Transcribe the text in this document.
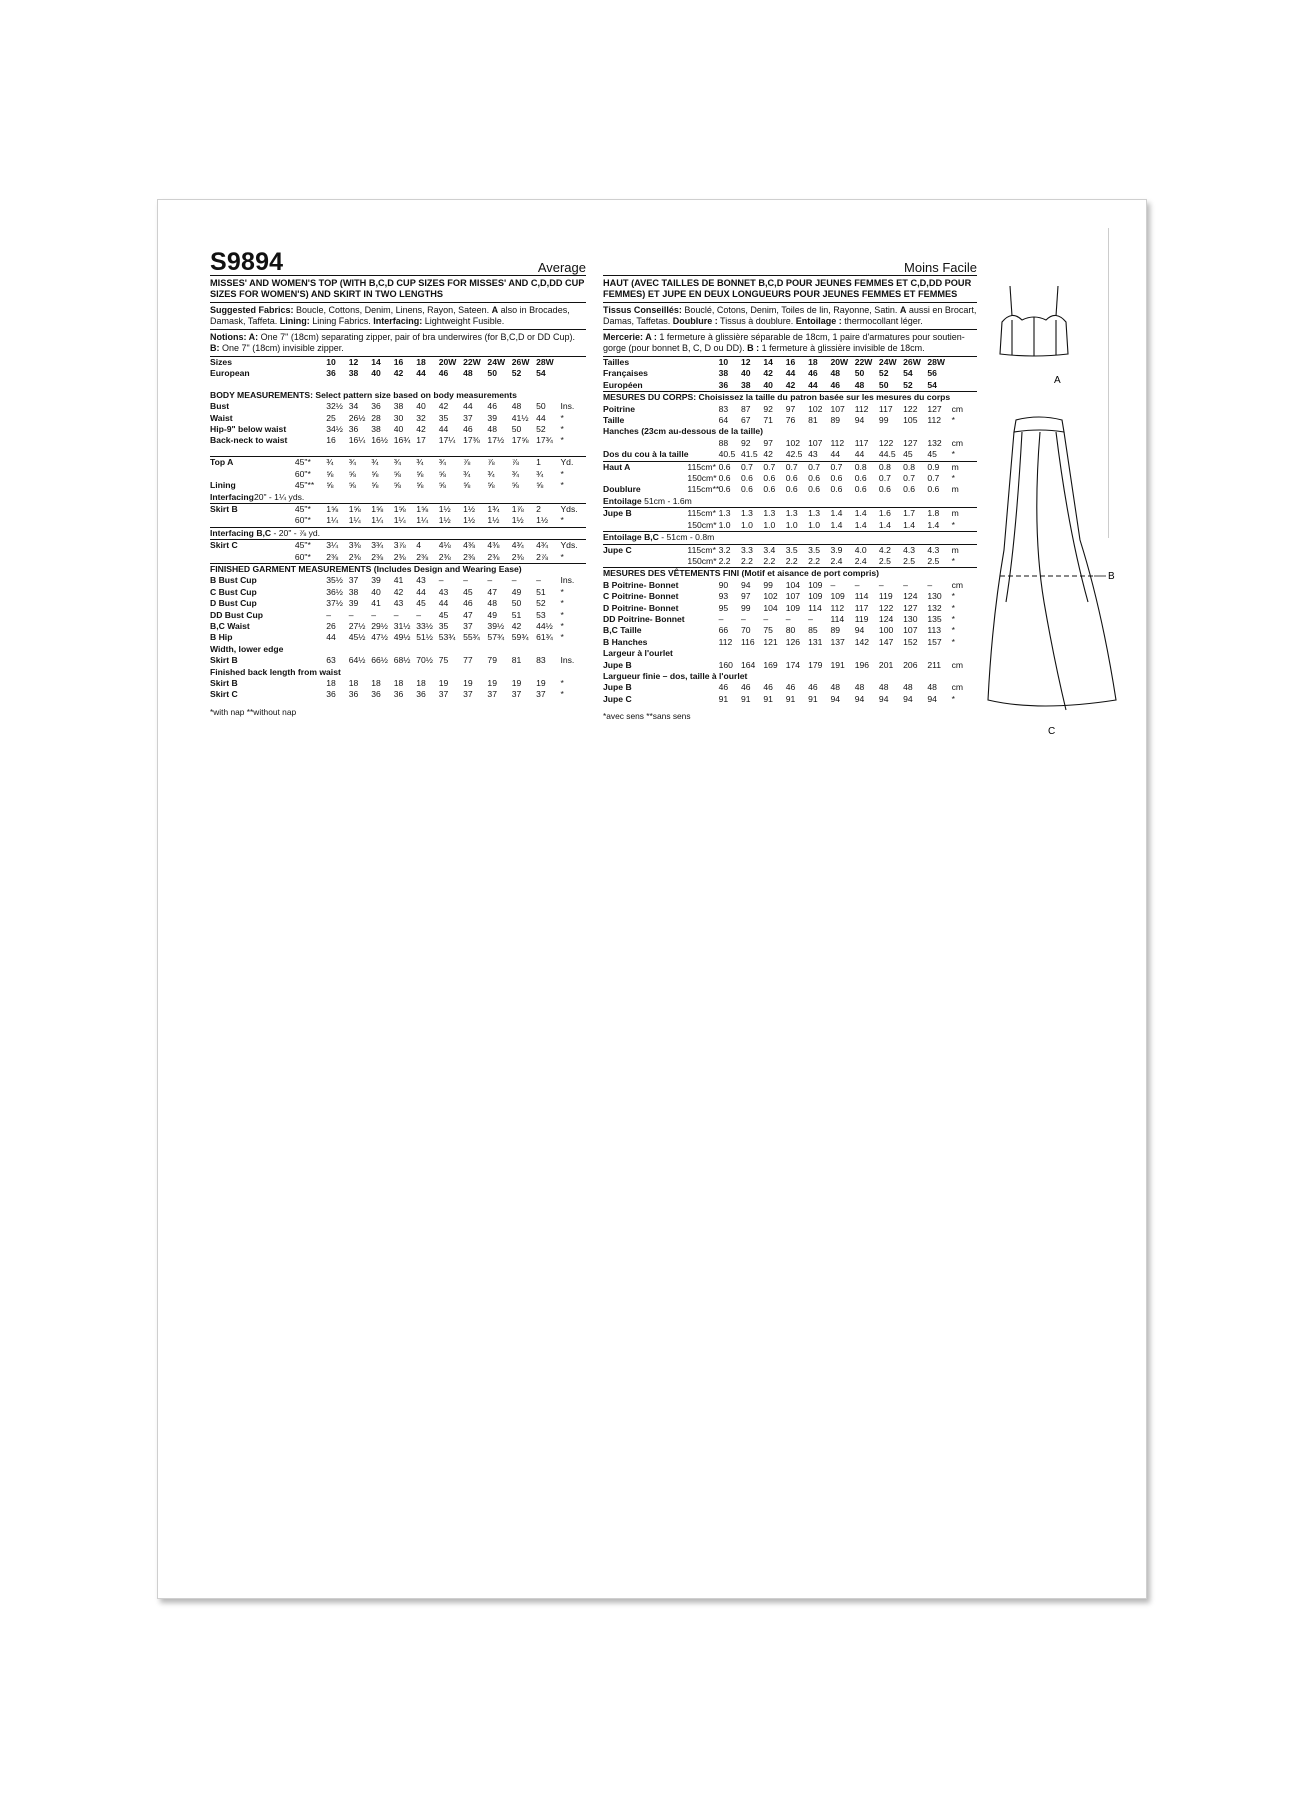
S9894	Average
MISSES' AND WOMEN'S TOP (WITH B,C,D CUP SIZES FOR MISSES' AND C,D,DD CUP SIZES FOR WOMEN'S) AND SKIRT IN TWO LENGTHS
Suggested Fabrics: Boucle, Cottons, Denim, Linens, Rayon, Sateen. A also in Brocades, Damask, Taffeta. Lining: Lining Fabrics. Interfacing: Lightweight Fusible.
Notions: A: One 7" (18cm) separating zipper, pair of bra underwires (for B,C,D or DD Cup).
B: One 7" (18cm) invisible zipper.
Sizes		10	12	14	16	18	20W	22W	24W	26W	28W	
European		36	38	40	42	44	46	48	50	52	54	

BODY MEASUREMENTS: Select pattern size based on body measurements												
Bust		32½	34	36	38	40	42	44	46	48	50	Ins.
Waist		25	26½	28	30	32	35	37	39	41½	44	*
Hip-9" below waist		34½	36	38	40	42	44	46	48	50	52	*
Back-neck to waist		16	16¼	16½	16¾	17	17¼	17⅜	17½	17⅝	17¾	*

Top A	45"*	¾	¾	¾	¾	¾	¾	⅞	⅞	⅞	1	Yd.
	60"*	⅝	⅝	⅝	⅝	⅝	⅝	¾	¾	¾	¾	*
Lining	45"**	⅝	⅝	⅝	⅝	⅝	⅝	⅝	⅝	⅝	⅝	*
Interfacing20" - 1¼ yds.												
Skirt B	45"*	1⅝	1⅝	1⅝	1⅝	1⅝	1½	1½	1¾	1⅞	2	Yds.
	60"*	1¼	1¼	1¼	1¼	1¼	1½	1½	1½	1½	1½	*
Interfacing B,C - 20" - ⅞ yd.												
Skirt C	45"*	3¼	3⅜	3¾	3⅞	4	4⅛	4⅜	4⅜	4¾	4¾	Yds.
	60"*	2⅜	2⅜	2⅜	2⅜	2⅜	2⅜	2⅜	2⅜	2⅜	2⅞	*
FINISHED GARMENT MEASUREMENTS (Includes Design and Wearing Ease)												
B Bust Cup		35½	37	39	41	43	–	–	–	–	–	Ins.
C Bust Cup		36½	38	40	42	44	43	45	47	49	51	*
D Bust Cup		37½	39	41	43	45	44	46	48	50	52	*
DD Bust Cup		–	–	–	–	–	45	47	49	51	53	*
B,C Waist		26	27½	29½	31½	33½	35	37	39½	42	44½	*
B Hip		44	45½	47½	49½	51½	53¾	55¾	57¾	59¾	61¾	*
Width, lower edge												
Skirt B		63	64½	66½	68½	70½	75	77	79	81	83	Ins.
Finished back length from waist												
Skirt B		18	18	18	18	18	19	19	19	19	19	*
Skirt C		36	36	36	36	36	37	37	37	37	37	*
*with nap **without nap
Moins Facile
HAUT (AVEC TAILLES DE BONNET B,C,D POUR JEUNES FEMMES ET C,D,DD POUR FEMMES) ET JUPE EN DEUX LONGUEURS POUR JEUNES FEMMES ET FEMMES
Tissus Conseillés: Bouclé, Cotons, Denim, Toiles de lin, Rayonne, Satin. A aussi en Brocart, Damas, Taffetas. Doublure : Tissus à doublure. Entoilage : thermocollant léger.
Mercerie: A : 1 fermeture à glissière séparable de 18cm, 1 paire d'armatures pour soutien-gorge (pour bonnet B, C, D ou DD). B : 1 fermeture à glissière invisible de 18cm.
Tailles		10	12	14	16	18	20W	22W	24W	26W	28W	
Françaises		38	40	42	44	46	48	50	52	54	56	
Européen		36	38	40	42	44	46	48	50	52	54	
MESURES DU CORPS: Choisissez la taille du patron basée sur les mesures du corps												
Poitrine		83	87	92	97	102	107	112	117	122	127	cm
Taille		64	67	71	76	81	89	94	99	105	112	*
Hanches (23cm au-dessous de la taille)												
		88	92	97	102	107	112	117	122	127	132	cm
Dos du cou à la taille		40.5	41.5	42	42.5	43	44	44	44.5	45	45	*
Haut A	115cm*	0.6	0.7	0.7	0.7	0.7	0.7	0.8	0.8	0.8	0.9	m
	150cm*	0.6	0.6	0.6	0.6	0.6	0.6	0.6	0.7	0.7	0.7	*
Doublure	115cm**	0.6	0.6	0.6	0.6	0.6	0.6	0.6	0.6	0.6	0.6	m
Entoilage 51cm - 1.6m												
Jupe B	115cm*	1.3	1.3	1.3	1.3	1.3	1.4	1.4	1.6	1.7	1.8	m
	150cm*	1.0	1.0	1.0	1.0	1.0	1.4	1.4	1.4	1.4	1.4	*
Entoilage B,C - 51cm - 0.8m												
Jupe C	115cm*	3.2	3.3	3.4	3.5	3.5	3.9	4.0	4.2	4.3	4.3	m
	150cm*	2.2	2.2	2.2	2.2	2.2	2.4	2.4	2.5	2.5	2.5	*
MESURES DES VÊTEMENTS FINI (Motif et aisance de port compris)												
B Poitrine- Bonnet		90	94	99	104	109	–	–	–	–	–	cm
C Poitrine- Bonnet		93	97	102	107	109	109	114	119	124	130	*
D Poitrine- Bonnet		95	99	104	109	114	112	117	122	127	132	*
DD Poitrine- Bonnet		–	–	–	–	–	114	119	124	130	135	*
B,C Taille		66	70	75	80	85	89	94	100	107	113	*
B Hanches		112	116	121	126	131	137	142	147	152	157	*
Largeur à l'ourlet												
Jupe B		160	164	169	174	179	191	196	201	206	211	cm
Largueur finie – dos, taille à l'ourlet												
Jupe B		46	46	46	46	46	48	48	48	48	48	cm
Jupe C		91	91	91	91	91	94	94	94	94	94	*
*avec sens **sans sens
A
B
C
